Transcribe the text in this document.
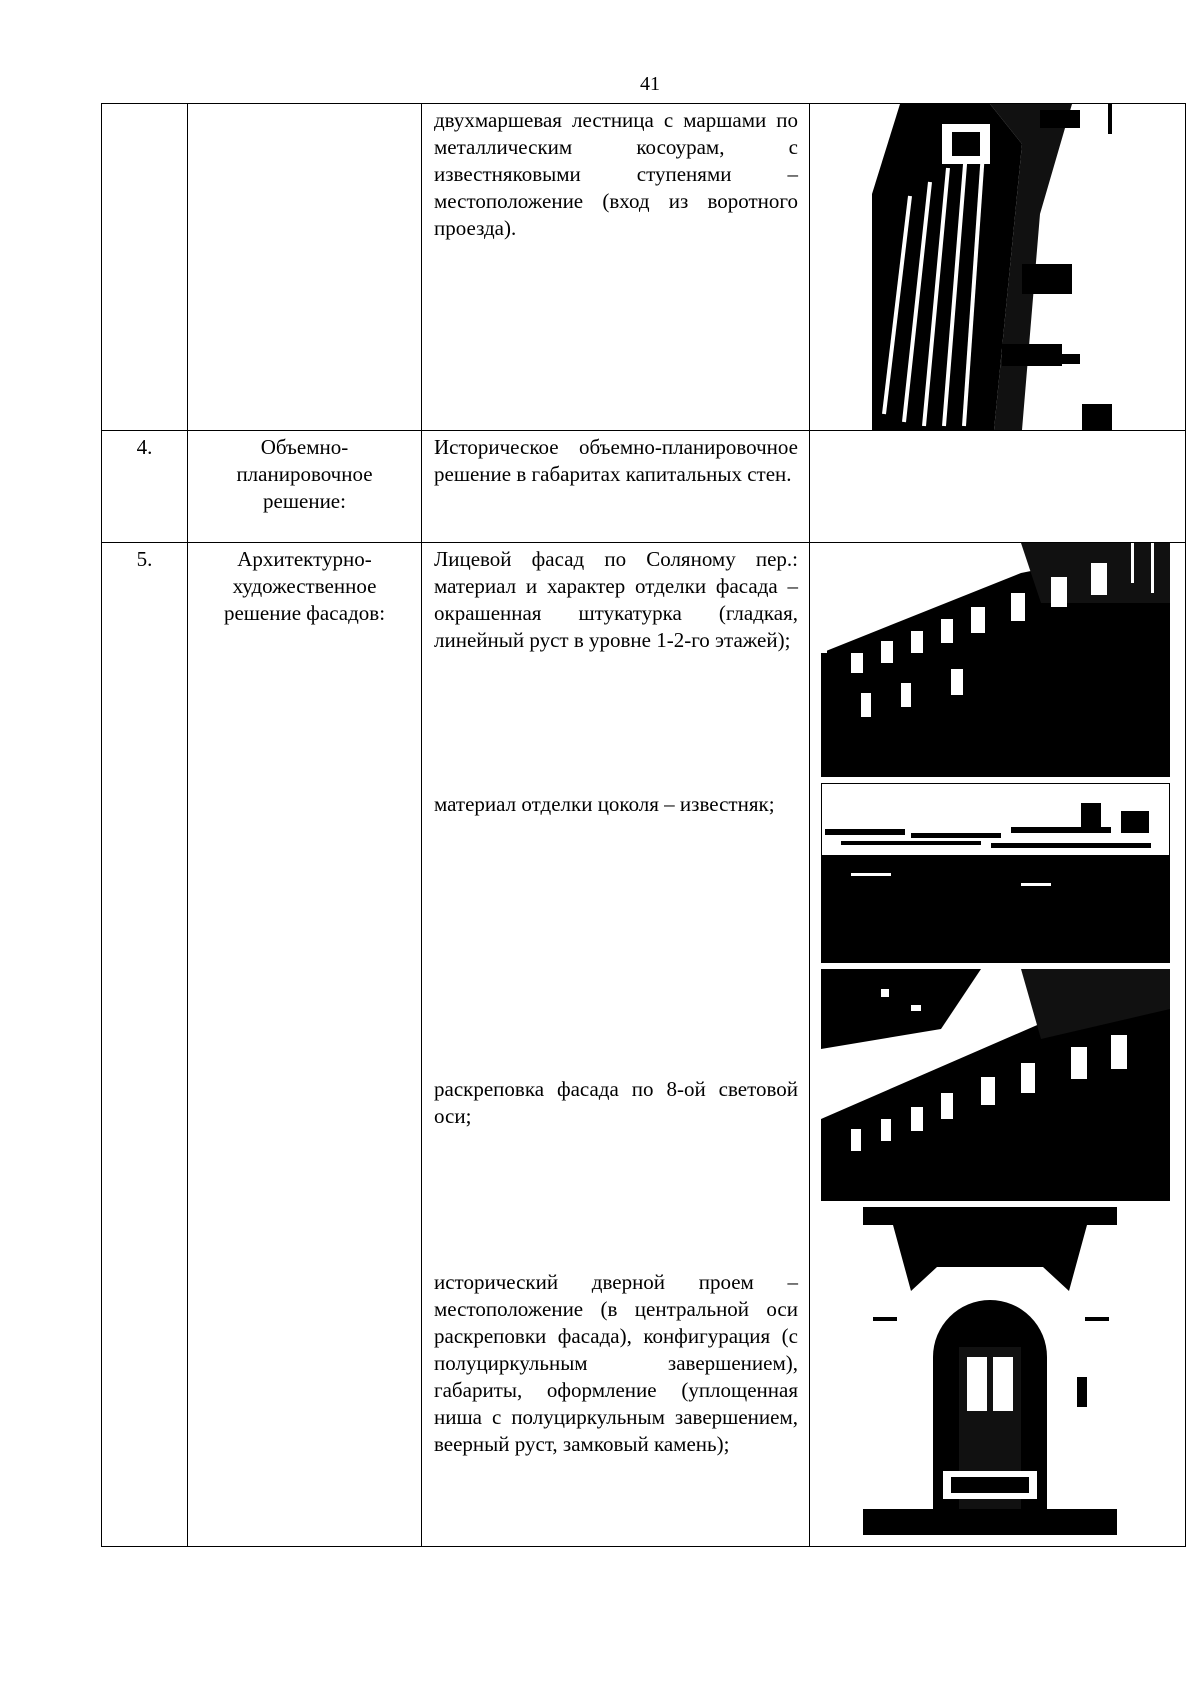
41

		двухмаршевая лестница с маршами по металлическим косоурам, с известняковыми ступенями – местоположение (вход из воротного проезда).

4.	Объемно-планировочное решение:	Историческое объемно-планировочное решение в габаритах капитальных стен.	

5.	Архитектурно-художественное решение фасадов:	Лицевой фасад по Соляному пер.: материал и характер отделки фасада – окрашенная штукатурка (гладкая, линейный руст в уровне 1-2-го этажей);
материал отделки цоколя – известняк;
раскреповка фасада по 8-ой световой оси;
исторический дверной проем – местоположение (в центральной оси раскреповки фасада), конфигурация (с полуциркульным завершением), габариты, оформление (уплощенная ниша с полуциркульным завершением, веерный руст, замковый камень);
